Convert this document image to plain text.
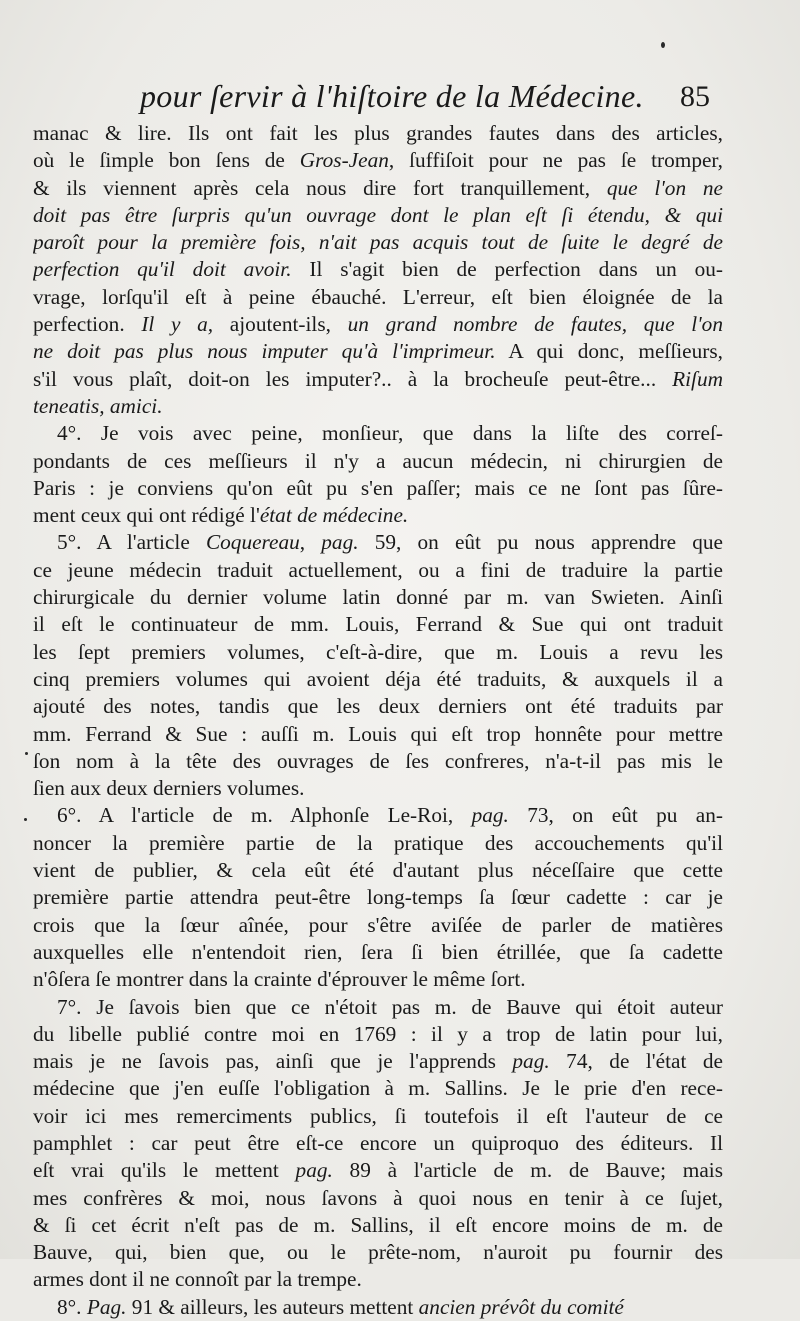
pour ſervir à l'hiſtoire de la Médecine. 85
manac & lire. Ils ont fait les plus grandes fautes dans des articles,
où le ſimple bon ſens de Gros-Jean, ſuffiſoit pour ne pas ſe tromper,
& ils viennent après cela nous dire fort tranquillement, que l'on ne
doit pas être ſurpris qu'un ouvrage dont le plan eſt ſi étendu, & qui
paroît pour la première fois, n'ait pas acquis tout de ſuite le degré de
perfection qu'il doit avoir. Il s'agit bien de perfection dans un ou-
vrage, lorſqu'il eſt à peine ébauché. L'erreur, eſt bien éloignée de la
perfection. Il y a, ajoutent-ils, un grand nombre de fautes, que l'on
ne doit pas plus nous imputer qu'à l'imprimeur. A qui donc, meſſieurs,
s'il vous plaît, doit-on les imputer?.. à la brocheuſe peut-être... Riſum
teneatis, amici.
4°. Je vois avec peine, monſieur, que dans la liſte des correſ-
pondants de ces meſſieurs il n'y a aucun médecin, ni chirurgien de
Paris : je conviens qu'on eût pu s'en paſſer; mais ce ne ſont pas ſûre-
ment ceux qui ont rédigé l'état de médecine.
5°. A l'article Coquereau, pag. 59, on eût pu nous apprendre que
ce jeune médecin traduit actuellement, ou a fini de traduire la partie
chirurgicale du dernier volume latin donné par m. van Swieten. Ainſi
il eſt le continuateur de mm. Louis, Ferrand & Sue qui ont traduit
les ſept premiers volumes, c'eſt-à-dire, que m. Louis a revu les
cinq premiers volumes qui avoient déja été traduits, & auxquels il a
ajouté des notes, tandis que les deux derniers ont été traduits par
mm. Ferrand & Sue : auſſi m. Louis qui eſt trop honnête pour mettre
ſon nom à la tête des ouvrages de ſes confreres, n'a-t-il pas mis le
ſien aux deux derniers volumes.
6°. A l'article de m. Alphonſe Le-Roi, pag. 73, on eût pu an-
noncer la première partie de la pratique des accouchements qu'il
vient de publier, & cela eût été d'autant plus néceſſaire que cette
première partie attendra peut-être long-temps ſa ſœur cadette : car je
crois que la ſœur aînée, pour s'être aviſée de parler de matières
auxquelles elle n'entendoit rien, ſera ſi bien étrillée, que ſa cadette
n'ôſera ſe montrer dans la crainte d'éprouver le même ſort.
7°. Je ſavois bien que ce n'étoit pas m. de Bauve qui étoit auteur
du libelle publié contre moi en 1769 : il y a trop de latin pour lui,
mais je ne ſavois pas, ainſi que je l'apprends pag. 74, de l'état de
médecine que j'en euſſe l'obligation à m. Sallins. Je le prie d'en rece-
voir ici mes remerciments publics, ſi toutefois il eſt l'auteur de ce
pamphlet : car peut être eſt-ce encore un quiproquo des éditeurs. Il
eſt vrai qu'ils le mettent pag. 89 à l'article de m. de Bauve; mais
mes confrères & moi, nous ſavons à quoi nous en tenir à ce ſujet,
& ſi cet écrit n'eſt pas de m. Sallins, il eſt encore moins de m. de
Bauve, qui, bien que, ou le prête-nom, n'auroit pu fournir des
armes dont il ne connoît par la trempe.
8°. Pag. 91 & ailleurs, les auteurs mettent ancien prévôt du comité
